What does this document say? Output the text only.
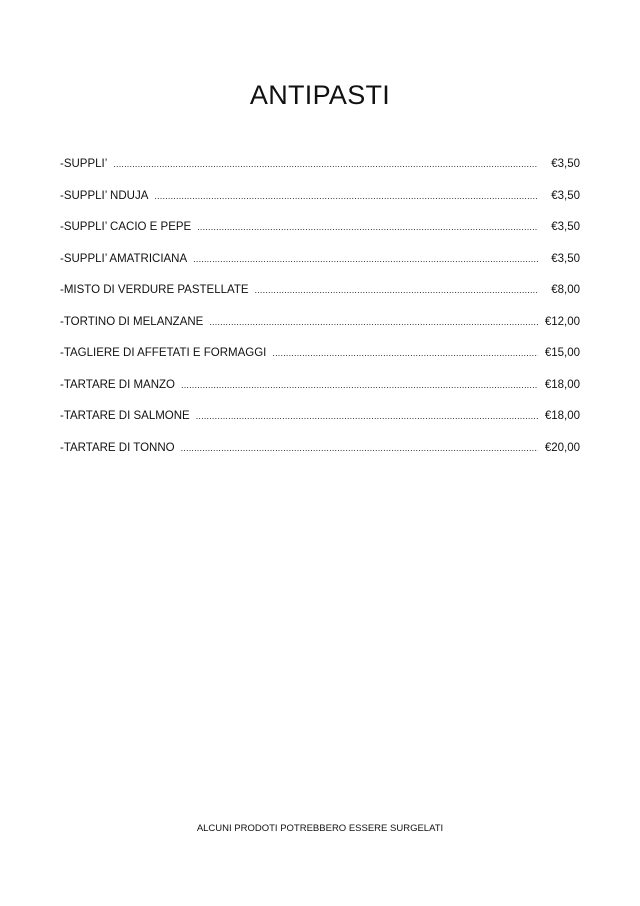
ANTIPASTI
-SUPPLI’ .....	€3,50
-SUPPLI’ NDUJA .....	€3,50
-SUPPLI’ CACIO E PEPE .....	€3,50
-SUPPLI’ AMATRICIANA .....	€3,50
-MISTO DI VERDURE PASTELLATE .....	€8,00
-TORTINO DI MELANZANE .....	€12,00
-TAGLIERE DI AFFETATI E FORMAGGI .....	€15,00
-TARTARE DI MANZO .....	€18,00
-TARTARE DI SALMONE .....	€18,00
-TARTARE DI TONNO .....	€20,00

ALCUNI PRODOTI POTREBBERO ESSERE SURGELATI
